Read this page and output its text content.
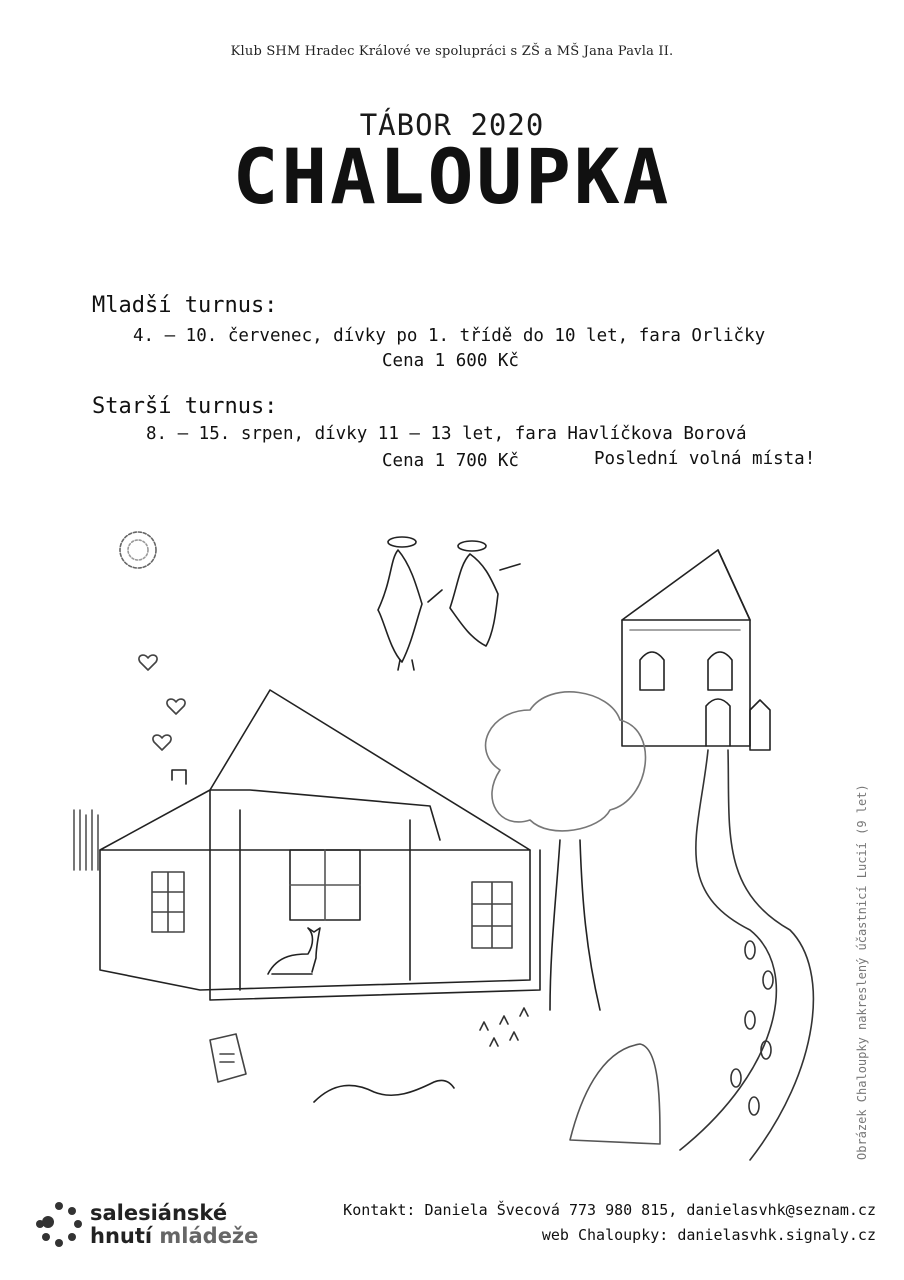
Klub SHM Hradec Králové ve spolupráci s ZŠ a MŠ Jana Pavla II.
TÁBOR 2020
CHALOUPKA
Mladší turnus:
4. – 10. červenec, dívky po 1. třídě do 10 let, fara Orličky
Cena 1 600 Kč
Starší turnus:
8. – 15. srpen, dívky 11 – 13 let, fara Havlíčkova Borová
Cena 1 700 Kč	Poslední volná místa!
Obrázek Chaloupky nakreslený účastnicí Lucií (9 let)
salesiánské
hnutí mládeže
Kontakt: Daniela Švecová 773 980 815, danielasvhk@seznam.cz
web Chaloupky: danielasvhk.signaly.cz
